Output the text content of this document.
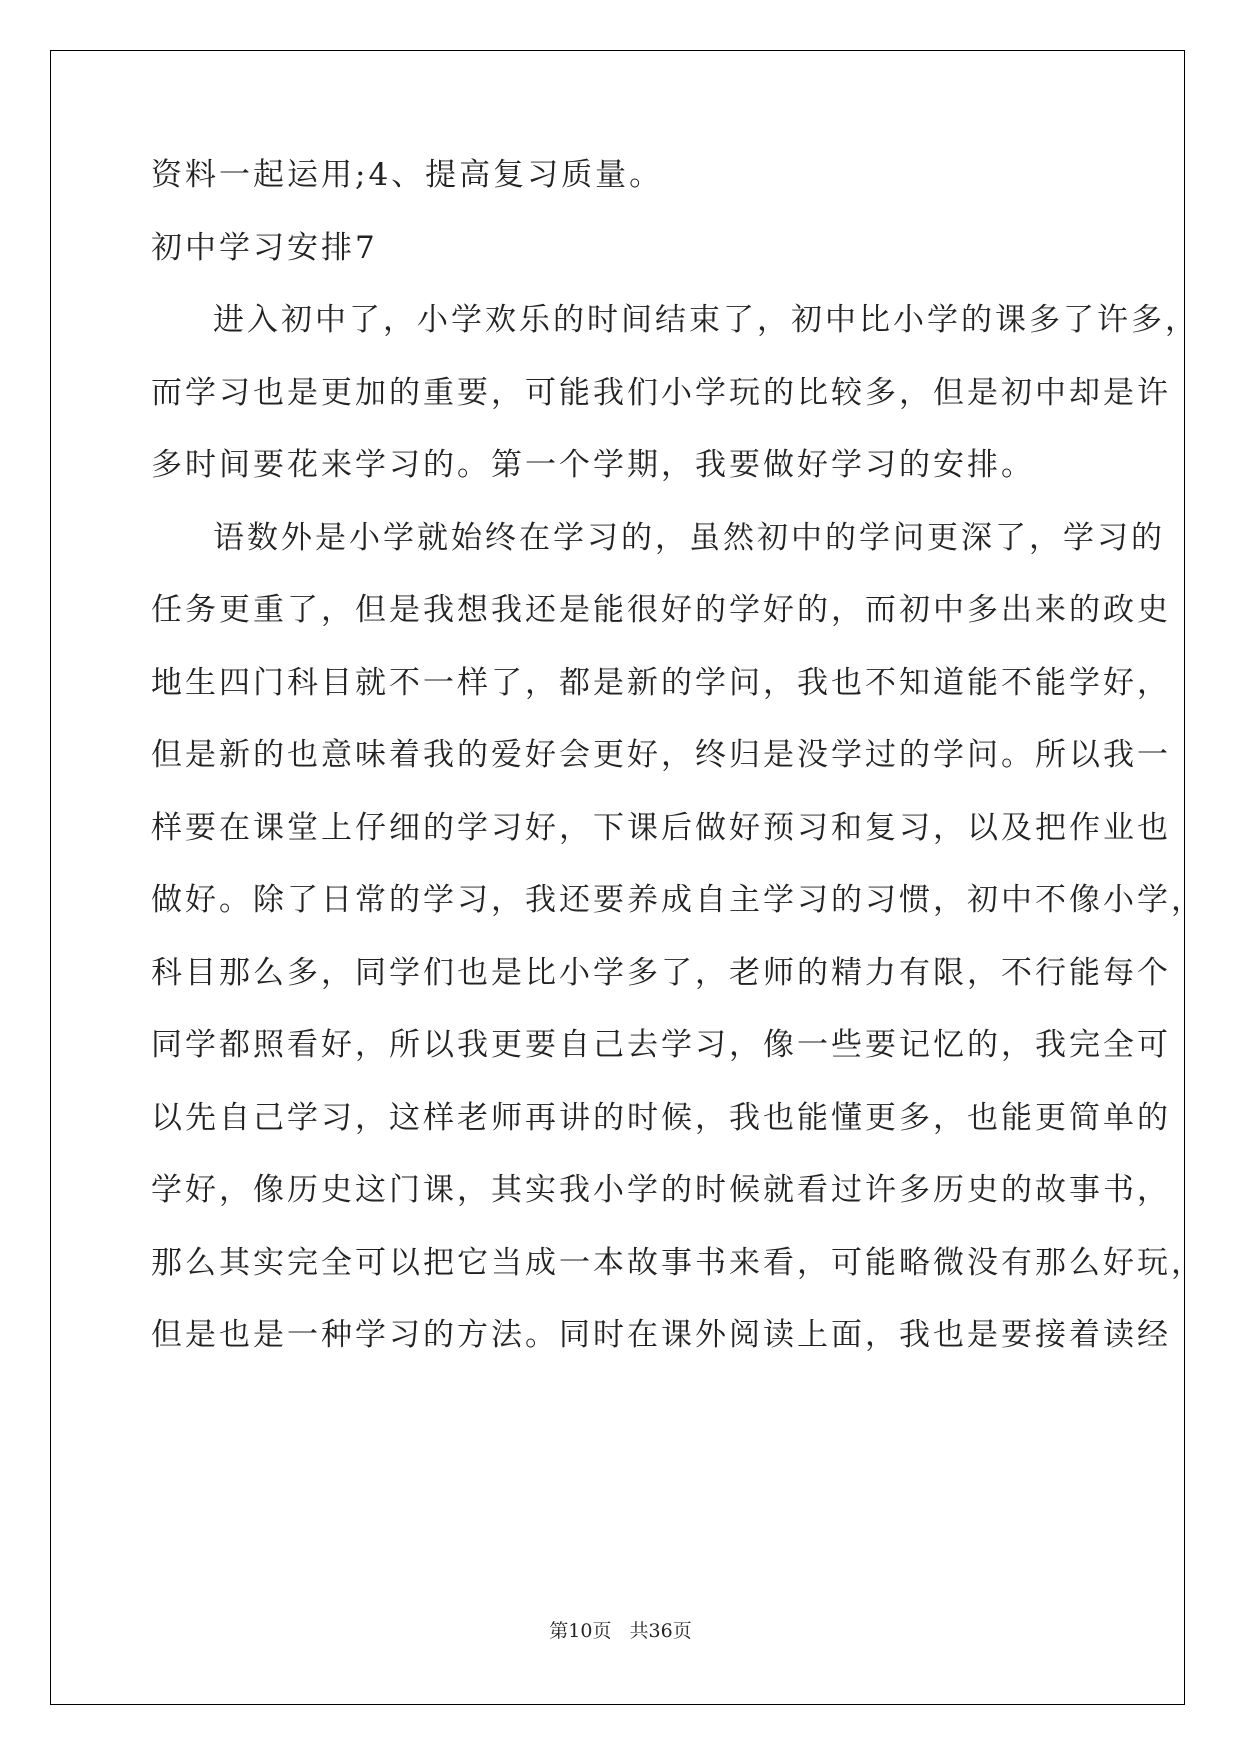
资料一起运用;4、提高复习质量。
初中学习安排7
进入初中了，小学欢乐的时间结束了，初中比小学的课多了许多，
而学习也是更加的重要，可能我们小学玩的比较多，但是初中却是许
多时间要花来学习的。第一个学期，我要做好学习的安排。
语数外是小学就始终在学习的，虽然初中的学问更深了，学习的
任务更重了，但是我想我还是能很好的学好的，而初中多出来的政史
地生四门科目就不一样了，都是新的学问，我也不知道能不能学好，
但是新的也意味着我的爱好会更好，终归是没学过的学问。所以我一
样要在课堂上仔细的学习好，下课后做好预习和复习，以及把作业也
做好。除了日常的学习，我还要养成自主学习的习惯，初中不像小学，
科目那么多，同学们也是比小学多了，老师的精力有限，不行能每个
同学都照看好，所以我更要自己去学习，像一些要记忆的，我完全可
以先自己学习，这样老师再讲的时候，我也能懂更多，也能更简单的
学好，像历史这门课，其实我小学的时候就看过许多历史的故事书，
那么其实完全可以把它当成一本故事书来看，可能略微没有那么好玩，
但是也是一种学习的方法。同时在课外阅读上面，我也是要接着读经
第10页 共36页
